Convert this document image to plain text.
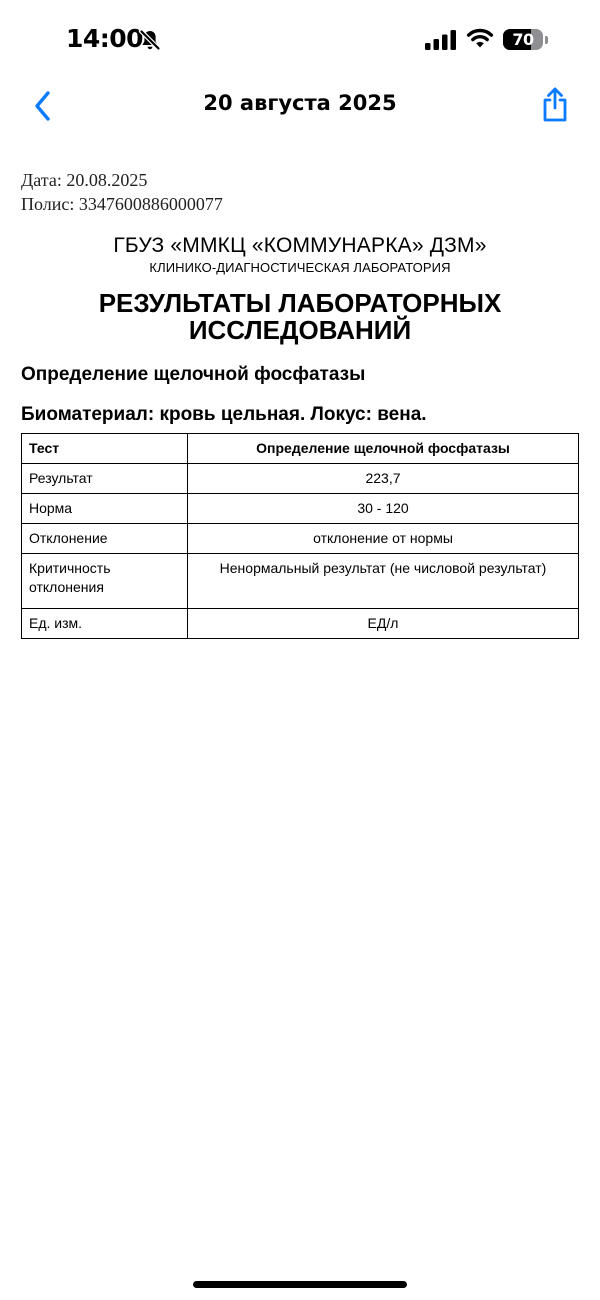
14:00	70
20 августа 2025
Дата: 20.08.2025
Полис: 3347600886000077
ГБУЗ «ММКЦ «КОММУНАРКА» ДЗМ»
КЛИНИКО-ДИАГНОСТИЧЕСКАЯ ЛАБОРАТОРИЯ
РЕЗУЛЬТАТЫ ЛАБОРАТОРНЫХ
ИССЛЕДОВАНИЙ
Определение щелочной фосфатазы
Биоматериал: кровь цельная. Локус: вена.
Тест	Определение щелочной фосфатазы
Результат	223,7
Норма	30 - 120
Отклонение	отклонение от нормы
Критичность отклонения	Ненормальный результат (не числовой результат)
Ед. изм.	ЕД/л
